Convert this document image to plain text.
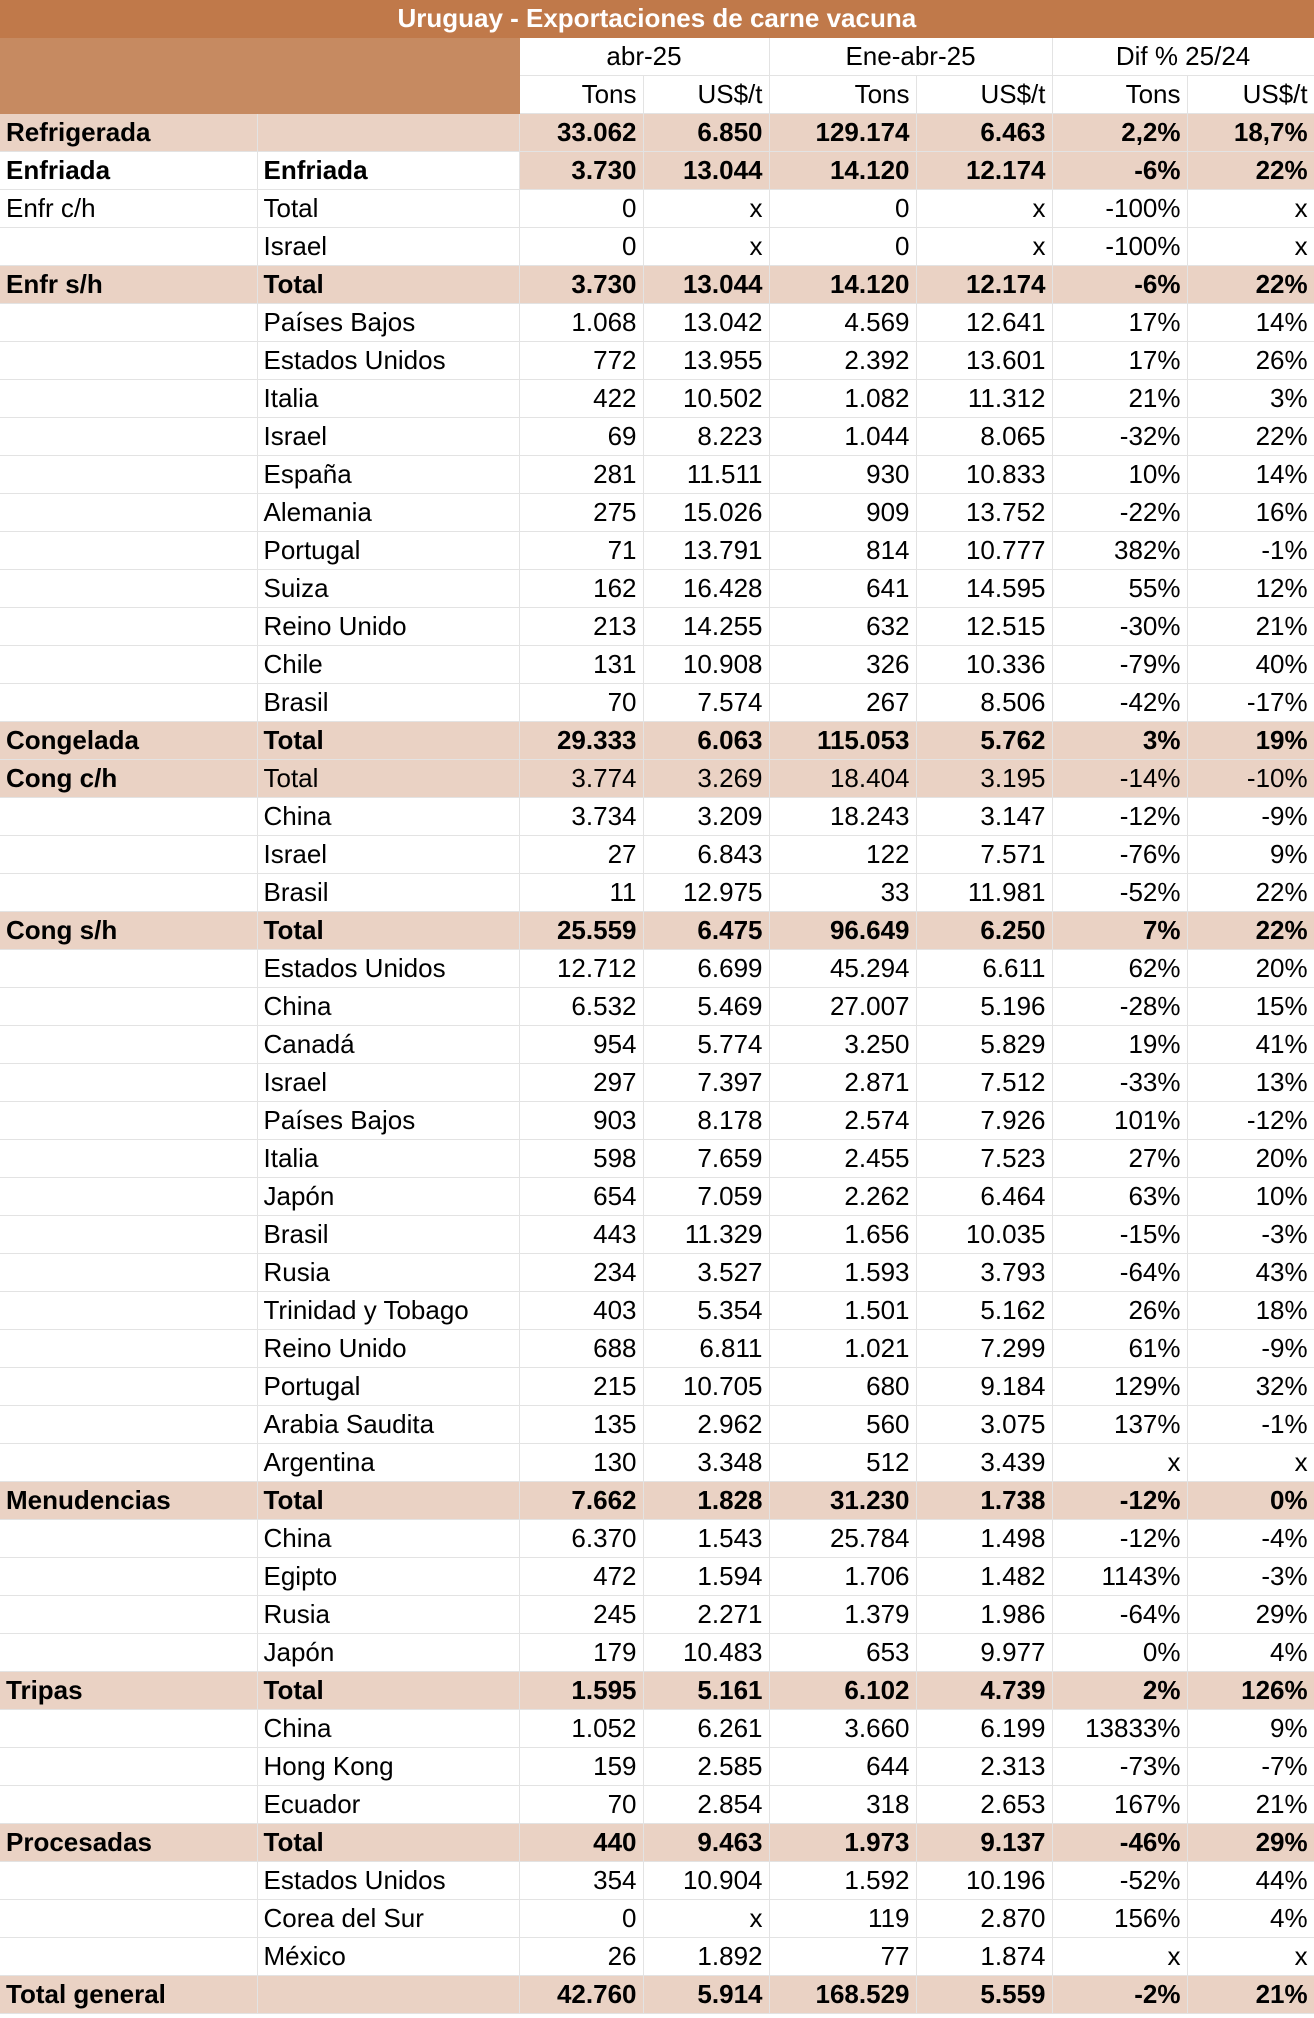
Uruguay - Exportaciones de carne vacuna							
		abr-25		Ene-abr-25		Dif % 25/24	
		Tons	US$/t	Tons	US$/t	Tons	US$/t
Refrigerada		33.062	6.850	129.174	6.463	2,2%	18,7%
Enfriada	Enfriada	3.730	13.044	14.120	12.174	-6%	22%
Enfr c/h	Total	0	x	0	x	-100%	x
	Israel	0	x	0	x	-100%	x
Enfr s/h	Total	3.730	13.044	14.120	12.174	-6%	22%
	Países Bajos	1.068	13.042	4.569	12.641	17%	14%
	Estados Unidos	772	13.955	2.392	13.601	17%	26%
	Italia	422	10.502	1.082	11.312	21%	3%
	Israel	69	8.223	1.044	8.065	-32%	22%
	España	281	11.511	930	10.833	10%	14%
	Alemania	275	15.026	909	13.752	-22%	16%
	Portugal	71	13.791	814	10.777	382%	-1%
	Suiza	162	16.428	641	14.595	55%	12%
	Reino Unido	213	14.255	632	12.515	-30%	21%
	Chile	131	10.908	326	10.336	-79%	40%
	Brasil	70	7.574	267	8.506	-42%	-17%
Congelada	Total	29.333	6.063	115.053	5.762	3%	19%
Cong c/h	Total	3.774	3.269	18.404	3.195	-14%	-10%
	China	3.734	3.209	18.243	3.147	-12%	-9%
	Israel	27	6.843	122	7.571	-76%	9%
	Brasil	11	12.975	33	11.981	-52%	22%
Cong s/h	Total	25.559	6.475	96.649	6.250	7%	22%
	Estados Unidos	12.712	6.699	45.294	6.611	62%	20%
	China	6.532	5.469	27.007	5.196	-28%	15%
	Canadá	954	5.774	3.250	5.829	19%	41%
	Israel	297	7.397	2.871	7.512	-33%	13%
	Países Bajos	903	8.178	2.574	7.926	101%	-12%
	Italia	598	7.659	2.455	7.523	27%	20%
	Japón	654	7.059	2.262	6.464	63%	10%
	Brasil	443	11.329	1.656	10.035	-15%	-3%
	Rusia	234	3.527	1.593	3.793	-64%	43%
	Trinidad y Tobago	403	5.354	1.501	5.162	26%	18%
	Reino Unido	688	6.811	1.021	7.299	61%	-9%
	Portugal	215	10.705	680	9.184	129%	32%
	Arabia Saudita	135	2.962	560	3.075	137%	-1%
	Argentina	130	3.348	512	3.439	x	x
Menudencias	Total	7.662	1.828	31.230	1.738	-12%	0%
	China	6.370	1.543	25.784	1.498	-12%	-4%
	Egipto	472	1.594	1.706	1.482	1143%	-3%
	Rusia	245	2.271	1.379	1.986	-64%	29%
	Japón	179	10.483	653	9.977	0%	4%
Tripas	Total	1.595	5.161	6.102	4.739	2%	126%
	China	1.052	6.261	3.660	6.199	13833%	9%
	Hong Kong	159	2.585	644	2.313	-73%	-7%
	Ecuador	70	2.854	318	2.653	167%	21%
Procesadas	Total	440	9.463	1.973	9.137	-46%	29%
	Estados Unidos	354	10.904	1.592	10.196	-52%	44%
	Corea del Sur	0	x	119	2.870	156%	4%
	México	26	1.892	77	1.874	x	x
Total general		42.760	5.914	168.529	5.559	-2%	21%
